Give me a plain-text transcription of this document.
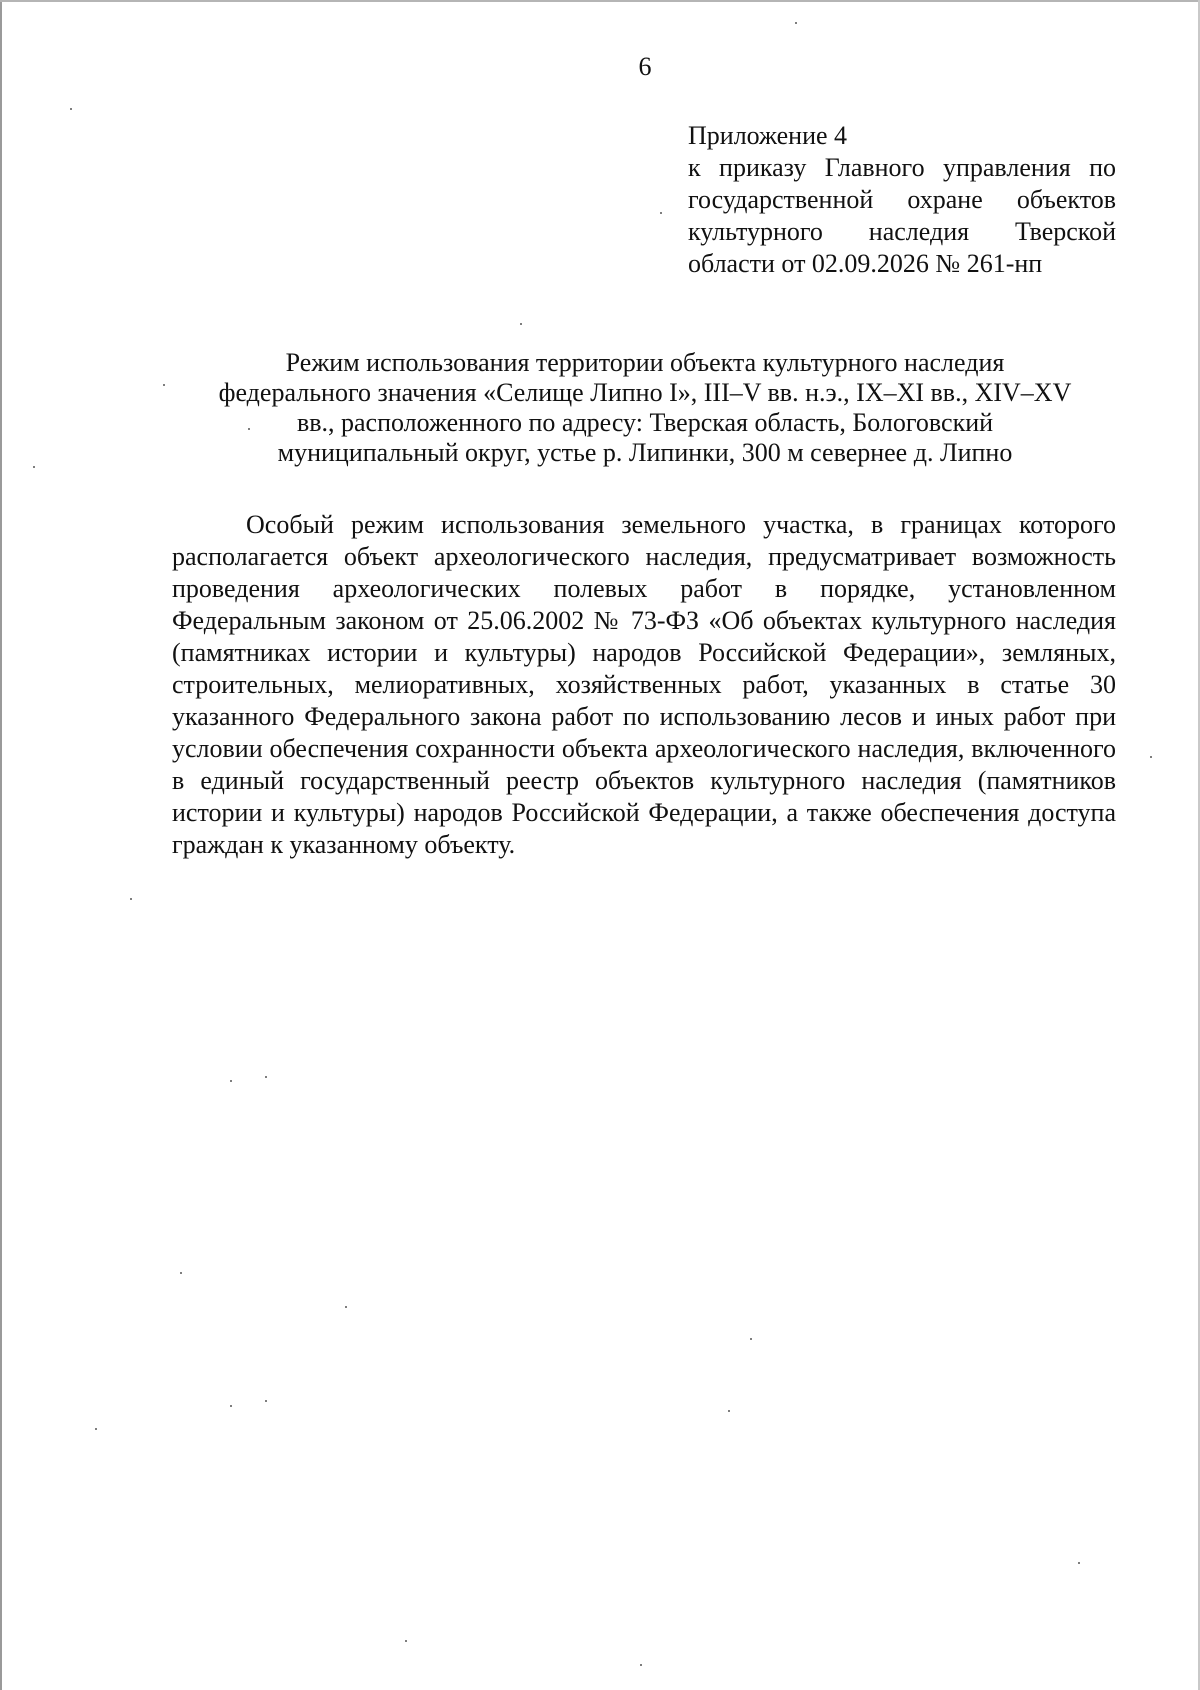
6
Приложение 4
к приказу Главного управления по государственной охране объектов культурного наследия Тверской области от 02.09.2026 № 261-нп
Режим использования территории объекта культурного наследия
федерального значения «Селище Липно I», III–V вв. н.э., IX–XI вв., XIV–XV
вв., расположенного по адресу: Тверская область, Бологовский
муниципальный округ, устье р. Липинки, 300 м севернее д. Липно
Особый режим использования земельного участка, в границах которого располагается объект археологического наследия, предусматривает возможность проведения археологических полевых работ в порядке, установленном Федеральным законом от 25.06.2002 № 73-ФЗ «Об объектах культурного наследия (памятниках истории и культуры) народов Российской Федерации», земляных, строительных, мелиоративных, хозяйственных работ, указанных в статье 30 указанного Федерального закона работ по использованию лесов и иных работ при условии обеспечения сохранности объекта археологического наследия, включенного в единый государственный реестр объектов культурного наследия (памятников истории и культуры) народов Российской Федерации, а также обеспечения доступа граждан к указанному объекту.
